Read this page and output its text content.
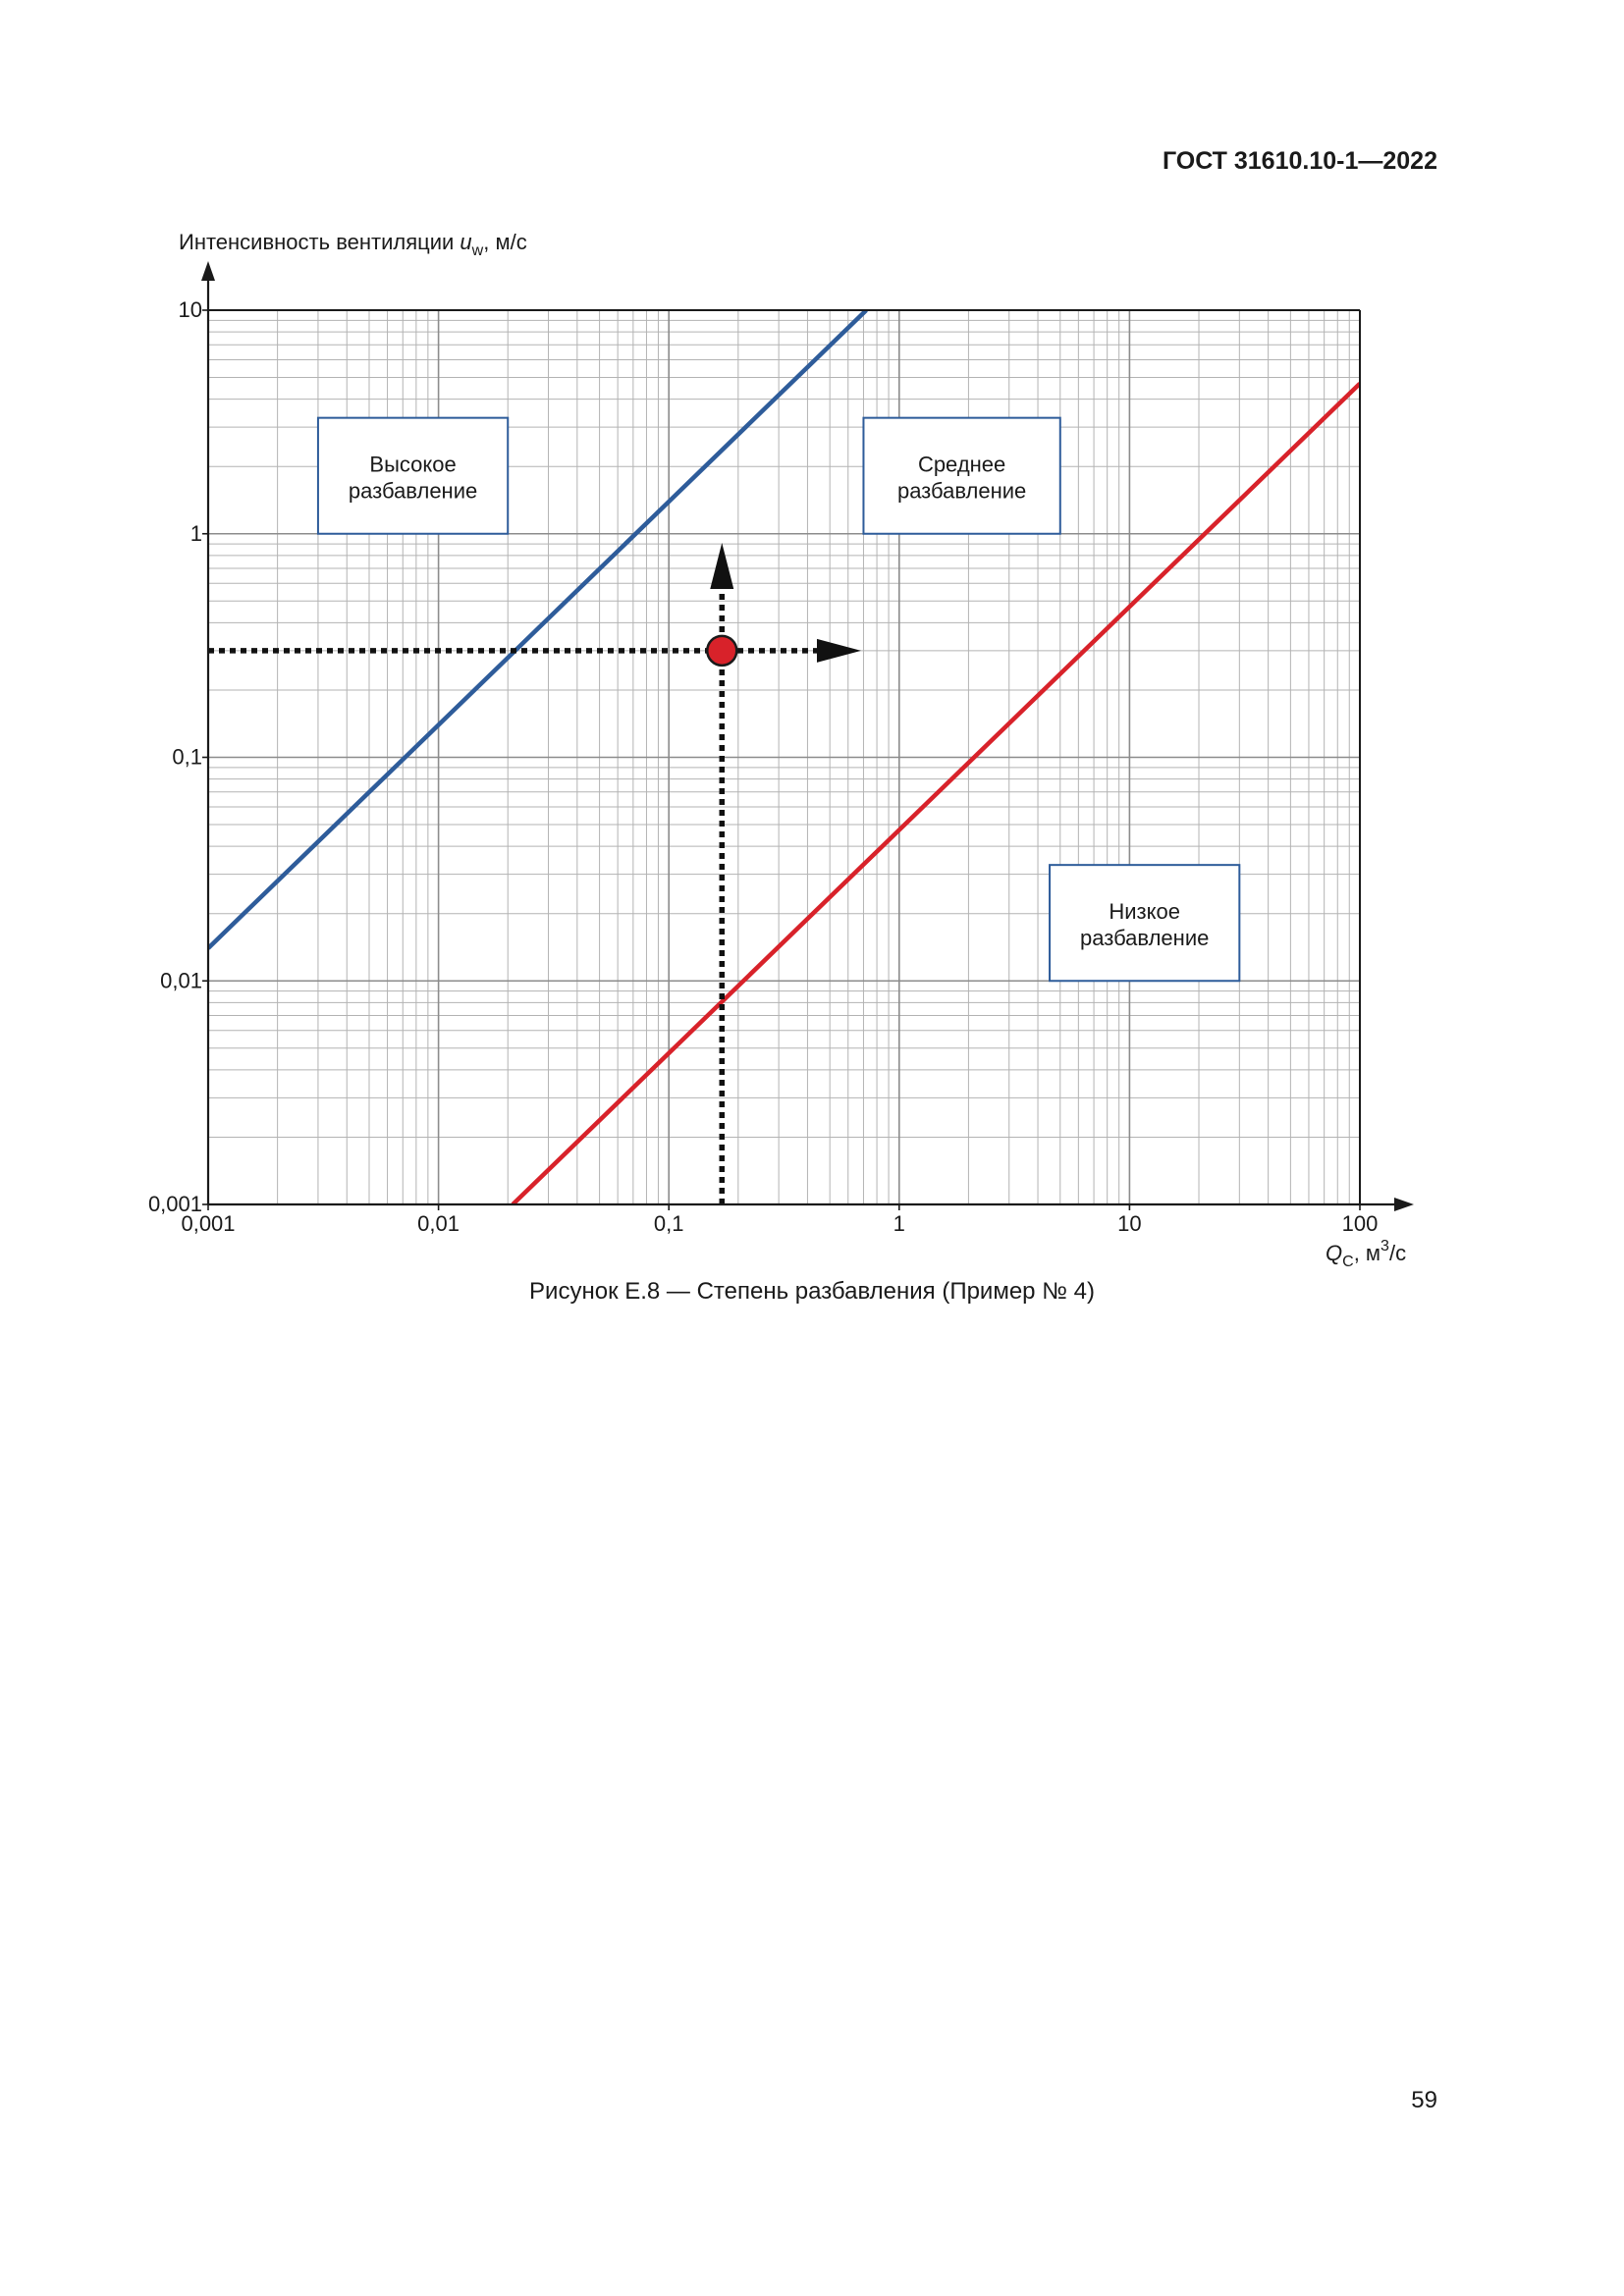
ГОСТ 31610.10-1—2022
Высокое
разбавление
Среднее
разбавление
Низкое
разбавление
0,001	0,01	0,1	1	10	100
0,001
0,01
0,1
1
10
Интенсивность вентиляции $u_w$, м/с
$Q_C$, $м^3/с$
Рисунок Е.8 — Степень разбавления (Пример № 4)
59
